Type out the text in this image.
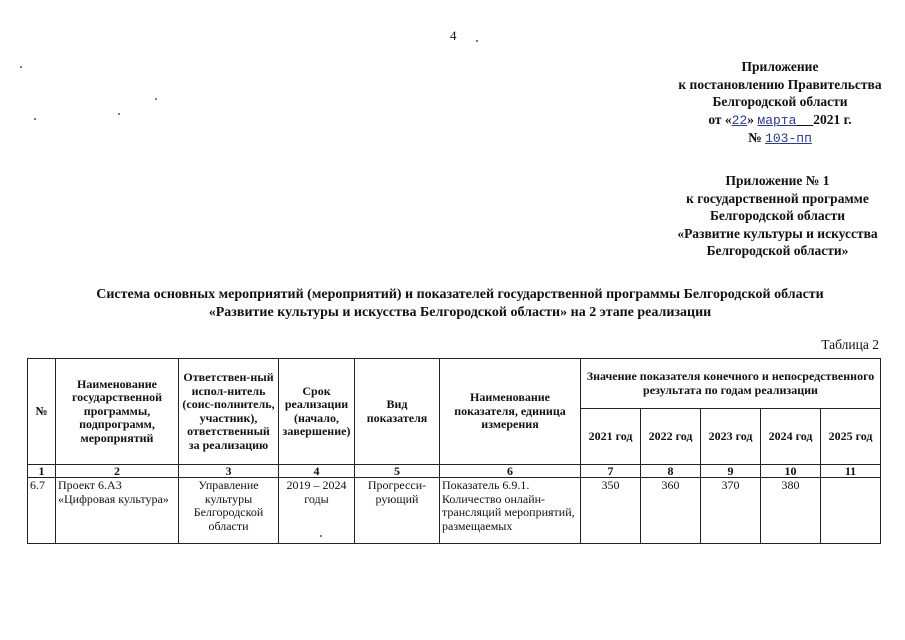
4
Приложение
к постановлению Правительства
Белгородской области
от «22» марта 2021 г.
№ 103-пп
Приложение № 1
к государственной программе
Белгородской области
«Развитие культуры и искусства
Белгородской области»
Система основных мероприятий (мероприятий) и показателей государственной программы Белгородской области
«Развитие культуры и искусства Белгородской области» на 2 этапе реализации
Таблица 2
№	Наименование государственной программы, подпрограмм, мероприятий	Ответствен-ный испол-нитель (соис-полнитель, участник), ответственный за реализацию	Срок реализации (начало, завершение)	Вид показателя	Наименование показателя, единица измерения	Значение показателя конечного и непосредственного результата по годам реализации				
						2021 год	2022 год	2023 год	2024 год	2025 год
1	2	3	4	5	6	7	8	9	10	11
6.7	Проект 6.А3 «Цифровая культура»	Управление культуры Белгородской области	2019 – 2024 годы	Прогресси-рующий	Показатель 6.9.1. Количество онлайн-трансляций мероприятий, размещаемых	350	360	370	380	
